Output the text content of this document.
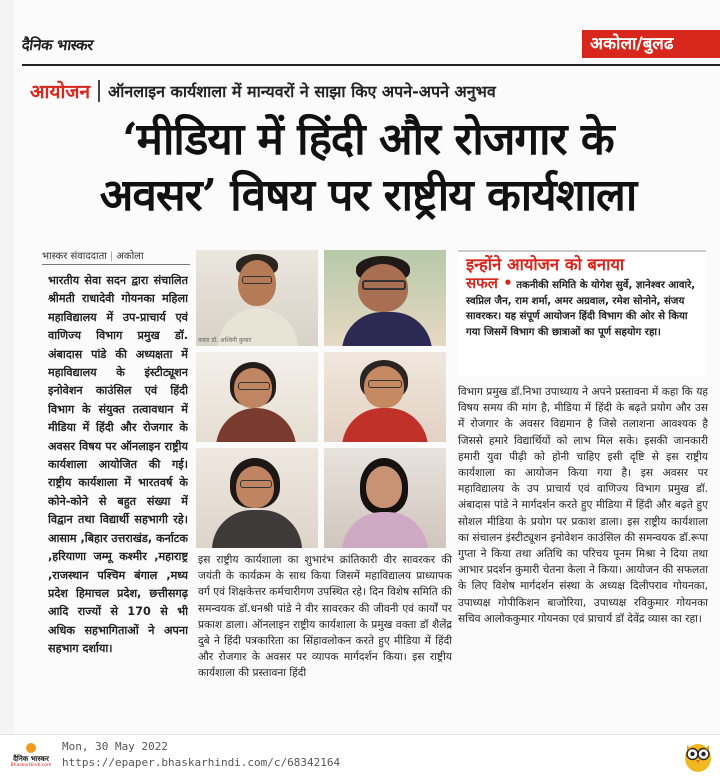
दैनिक भास्कर	अकोला/बुलढ
आयोजन ऑनलाइन कार्यशाला में मान्यवरों ने साझा किए अपने-अपने अनुभव
‘मीडिया में हिंदी और रोजगार के
अवसर’ विषय पर राष्ट्रीय कार्यशाला
भास्कर संवाददाता | अकोला
भारतीय सेवा सदन द्वारा संचालित श्रीमती राधादेवी गोयनका महिला महाविद्यालय में उप-प्राचार्य एवं वाणिज्य विभाग प्रमुख डॉ. अंबादास पांडे की अध्यक्षता में महाविद्यालय के इंस्टीट्यूशन इनोवेशन काउंसिल एवं हिंदी विभाग के संयुक्त तत्वावधान में मीडिया में हिंदी और रोजगार के अवसर विषय पर ऑनलाइन राष्ट्रीय कार्यशाला आयोजित की गई। राष्ट्रीय कार्यशाला में भारतवर्ष के कोने-कोने से बहुत संख्या में विद्वान तथा विद्यार्थी सहभागी रहे। आसाम ,बिहार उत्तराखंड, कर्नाटक ,हरियाणा जम्मू कश्मीर ,महाराष्ट्र ,राजस्थान पश्चिम बंगाल ,मध्य प्रदेश हिमाचल प्रदेश, छत्तीसगढ़ आदि राज्यों से 170 से भी अधिक सहभागिताओं ने अपना सहभाग दर्शाया।
वक्ता डॉ. अश्विनी कुमार
इन्होंने आयोजन को बनाया
सफल • तकनीकी समिति के योगेश सुर्वे, ज्ञानेश्वर आवारे, स्वप्निल जैन, राम शर्मा, अमर अग्रवाल, रमेश सोनोने, संजय सावरकर। यह संपूर्ण आयोजन हिंदी विभाग की ओर से किया गया जिसमें विभाग की छात्राओं का पूर्ण सहयोग रहा।
विभाग प्रमुख डॉ.निभा उपाध्याय ने अपने प्रस्तावना में कहा कि यह विषय समय की मांग है, मीडिया में हिंदी के बढ़ते प्रयोग और उस में रोजगार के अवसर विद्यमान है जिसे तलाशना आवश्यक है जिससे हमारे विद्यार्थियों को लाभ मिल सके। इसकी जानकारी हमारी युवा पीढ़ी को होनी चाहिए इसी दृष्टि से इस राष्ट्रीय कार्यशाला का आयोजन किया गया है। इस अवसर पर महाविद्यालय के उप प्राचार्य एवं वाणिज्य विभाग प्रमुख डॉ. अंबादास पांडे ने मार्गदर्शन करते हुए मीडिया में हिंदी और बढ़ते हुए सोशल मीडिया के प्रयोग पर प्रकाश डाला। इस राष्ट्रीय कार्यशाला का संचालन इंस्टीट्यूशन इनोवेशन काउंसिल की समन्वयक डॉ.रूपा गुप्ता ने किया तथा अतिथि का परिचय पूनम मिश्रा ने दिया तथा आभार प्रदर्शन कुमारी चेतना केला ने किया। आयोजन की सफलता के लिए विशेष मार्गदर्शन संस्था के अध्यक्ष दिलीपराव गोयनका, उपाध्यक्ष गोपीकिशन बाजोरिया, उपाध्यक्ष रविकुमार गोयनका सचिव आलोककुमार गोयनका एवं प्राचार्य डॉ देवेंद्र व्यास का रहा।
इस राष्ट्रीय कार्यशाला का शुभारंभ क्रांतिकारी वीर सावरकर की जयंती के कार्यक्रम के साथ किया जिसमें महाविद्यालय प्राध्यापक वर्ग एवं शिक्षकेत्तर कर्मचारीगण उपस्थित रहे। दिन विशेष समिति की समन्वयक डॉ.धनश्री पांडे ने वीर सावरकर की जीवनी एवं कार्यों पर प्रकाश डाला। ऑनलाइन राष्ट्रीय कार्यशाला के प्रमुख वक्ता डॉ शैलेंद्र दुबे ने हिंदी पत्रकारिता का सिंहावलोकन करते हुए मीडिया में हिंदी और रोजगार के अवसर पर व्यापक मार्गदर्शन किया। इस राष्ट्रीय कार्यशाला की प्रस्तावना हिंदी
दैनिक भास्कर
BhaskarHindi.com
Mon, 30 May 2022
https://epaper.bhaskarhindi.com/c/68342164
